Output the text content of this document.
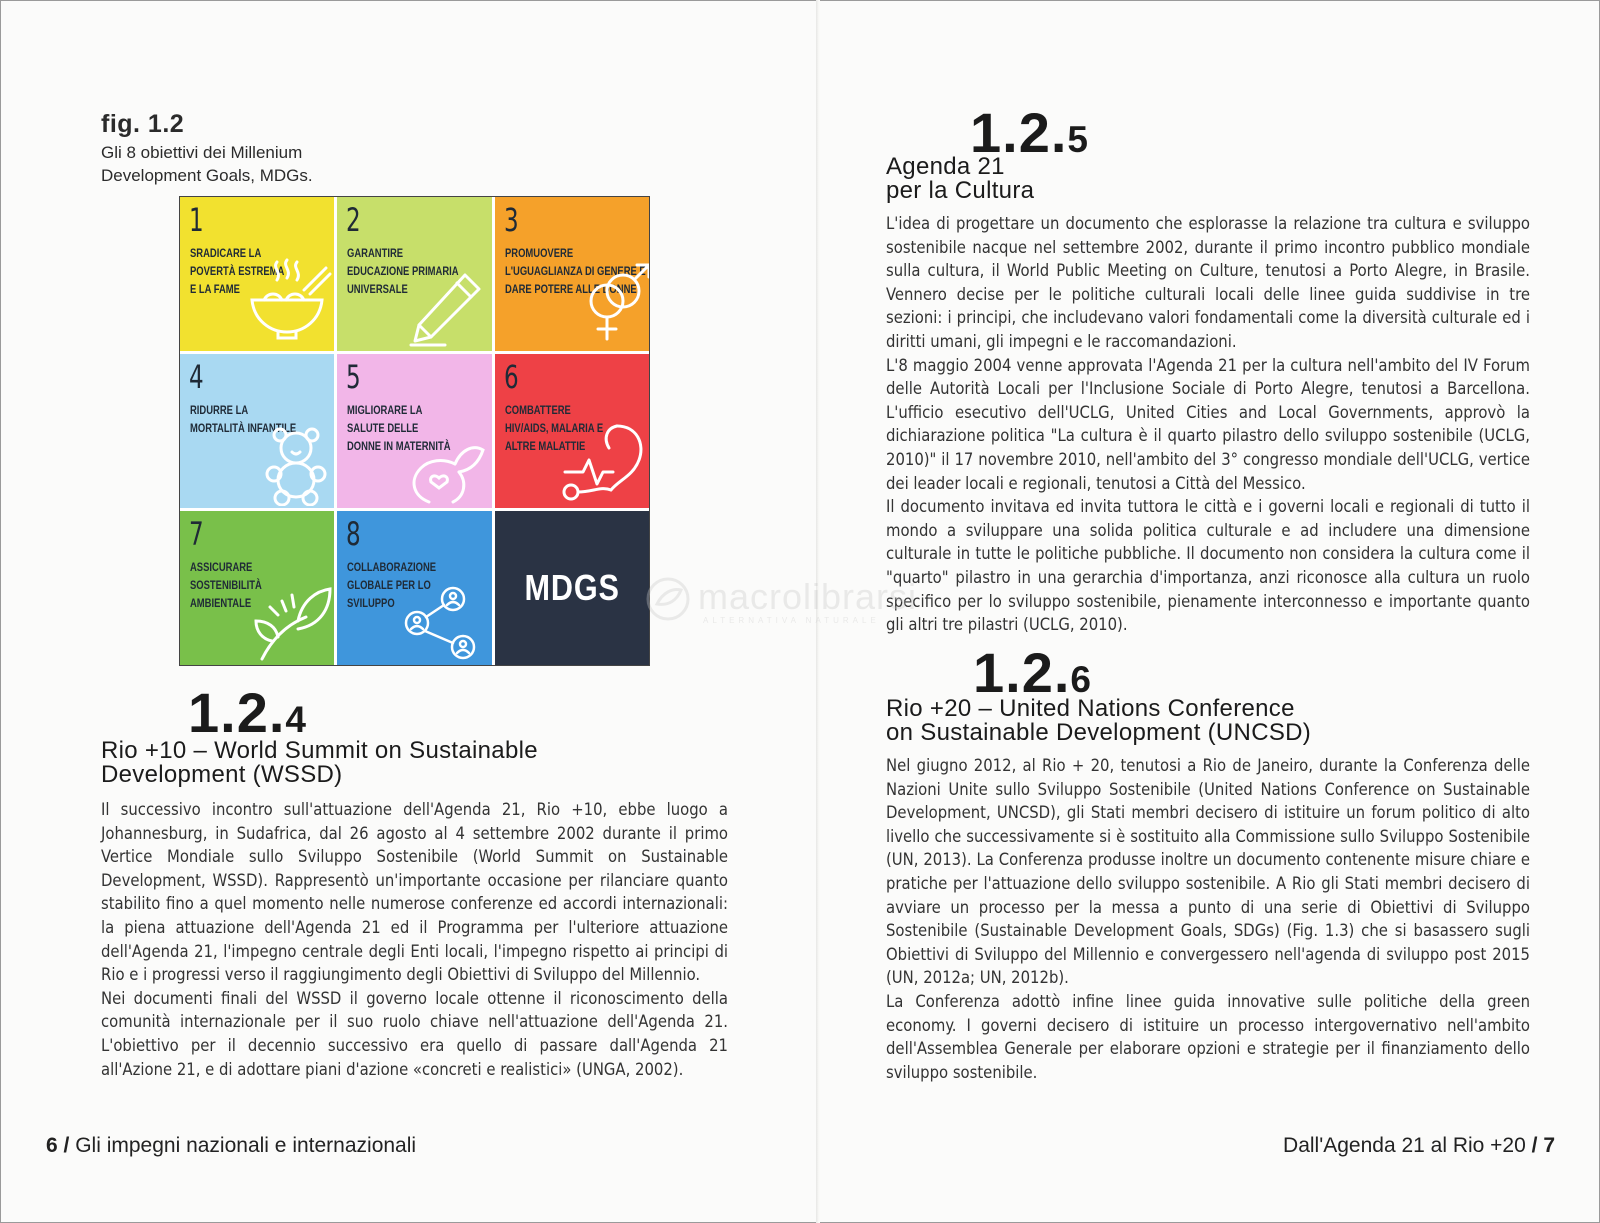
fig. 1.2
Gli 8 obiettivi dei Millenium Development Goals, MDGs.
1
SRADICARE LA POVERTÀ ESTREMA E LA FAME
2
GARANTIRE EDUCAZIONE PRIMARIA UNIVERSALE
3
PROMUOVERE L'UGUAGLIANZA DI GENERE E DARE POTERE ALLE DONNE
4
RIDURRE LA MORTALITÀ INFANTILE
5
MIGLIORARE LA SALUTE DELLE DONNE IN MATERNITÀ
6
COMBATTERE HIV/AIDS, MALARIA E ALTRE MALATTIE
7
ASSICURARE SOSTENIBILITÀ AMBIENTALE
8
COLLABORAZIONE GLOBALE PER LO SVILUPPO	MDGS
1.2.4
Rio +10 – World Summit on Sustainable
Development (WSSD)

Il successivo incontro sull'attuazione dell'Agenda 21, Rio +10, ebbe luogo a Johannesburg, in Sudafrica, dal 26 agosto al 4 settembre 2002 durante il primo Vertice Mondiale sullo Sviluppo Sostenibile (World Summit on Sustainable Development, WSSD). Rappresentò un'importante occasione per rilanciare quanto stabilito fino a quel momento nelle numerose conferenze ed accordi internazionali: la piena attuazione dell'Agenda 21 ed il Programma per l'ulteriore attuazione dell'Agenda 21, l'impegno centrale degli Enti locali, l'impegno rispetto ai principi di Rio e i progressi verso il raggiungimento degli Obiettivi di Sviluppo del Millennio.

Nei documenti finali del WSSD il governo locale ottenne il riconoscimento della comunità internazionale per il suo ruolo chiave nell'attuazione dell'Agenda 21. L'obiettivo per il decennio successivo era quello di passare dall'Agenda 21 all'Azione 21, e di adottare piani d'azione «concreti e realistici» (UNGA, 2002).

6 / Gli impegni nazionali e internazionali
1.2.5
Agenda 21
per la Cultura

L'idea di progettare un documento che esplorasse la relazione tra cultura e sviluppo sostenibile nacque nel settembre 2002, durante il primo incontro pubblico mondiale sulla cultura, il World Public Meeting on Culture, tenutosi a Porto Alegre, in Brasile. Vennero decise per le politiche culturali locali delle linee guida suddivise in tre sezioni: i principi, che includevano valori fondamentali come la diversità culturale ed i diritti umani, gli impegni e le raccomandazioni.

L'8 maggio 2004 venne approvata l'Agenda 21 per la cultura nell'ambito del IV Forum delle Autorità Locali per l'Inclusione Sociale di Porto Alegre, tenutosi a Barcellona. L'ufficio esecutivo dell'UCLG, United Cities and Local Governments, approvò la dichiarazione politica "La cultura è il quarto pilastro dello sviluppo sostenibile (UCLG, 2010)" il 17 novembre 2010, nell'ambito del 3° congresso mondiale dell'UCLG, vertice dei leader locali e regionali, tenutosi a Città del Messico.

Il documento invitava ed invita tuttora le città e i governi locali e regionali di tutto il mondo a sviluppare una solida politica culturale e ad includere una dimensione culturale in tutte le politiche pubbliche. Il documento non considera la cultura come il "quarto" pilastro in una gerarchia d'importanza, anzi riconosce alla cultura un ruolo specifico per lo sviluppo sostenibile, pienamente interconnesso e importante quanto gli altri tre pilastri (UCLG, 2010).

1.2.6
Rio +20 – United Nations Conference
on Sustainable Development (UNCSD)

Nel giugno 2012, al Rio + 20, tenutosi a Rio de Janeiro, durante la Conferenza delle Nazioni Unite sullo Sviluppo Sostenibile (United Nations Conference on Sustainable Development, UNCSD), gli Stati membri decisero di istituire un forum politico di alto livello che successivamente si è sostituito alla Commissione sullo Sviluppo Sostenibile (UN, 2013). La Conferenza produsse inoltre un documento contenente misure chiare e pratiche per l'attuazione dello sviluppo sostenibile. A Rio gli Stati membri decisero di avviare un processo per la messa a punto di una serie di Obiettivi di Sviluppo Sostenibile (Sustainable Development Goals, SDGs) (Fig. 1.3) che si basassero sugli Obiettivi di Sviluppo del Millennio e convergessero nell'agenda di sviluppo post 2015 (UN, 2012a; UN, 2012b).

La Conferenza adottò infine linee guida innovative sulle politiche della green economy. I governi decisero di istituire un processo intergovernativo nell'ambito dell'Assemblea Generale per elaborare opzioni e strategie per il finanziamento dello sviluppo sostenibile.

Dall'Agenda 21 al Rio +20 / 7
macrolibrarsi
ALTERNATIVA NATURALE
